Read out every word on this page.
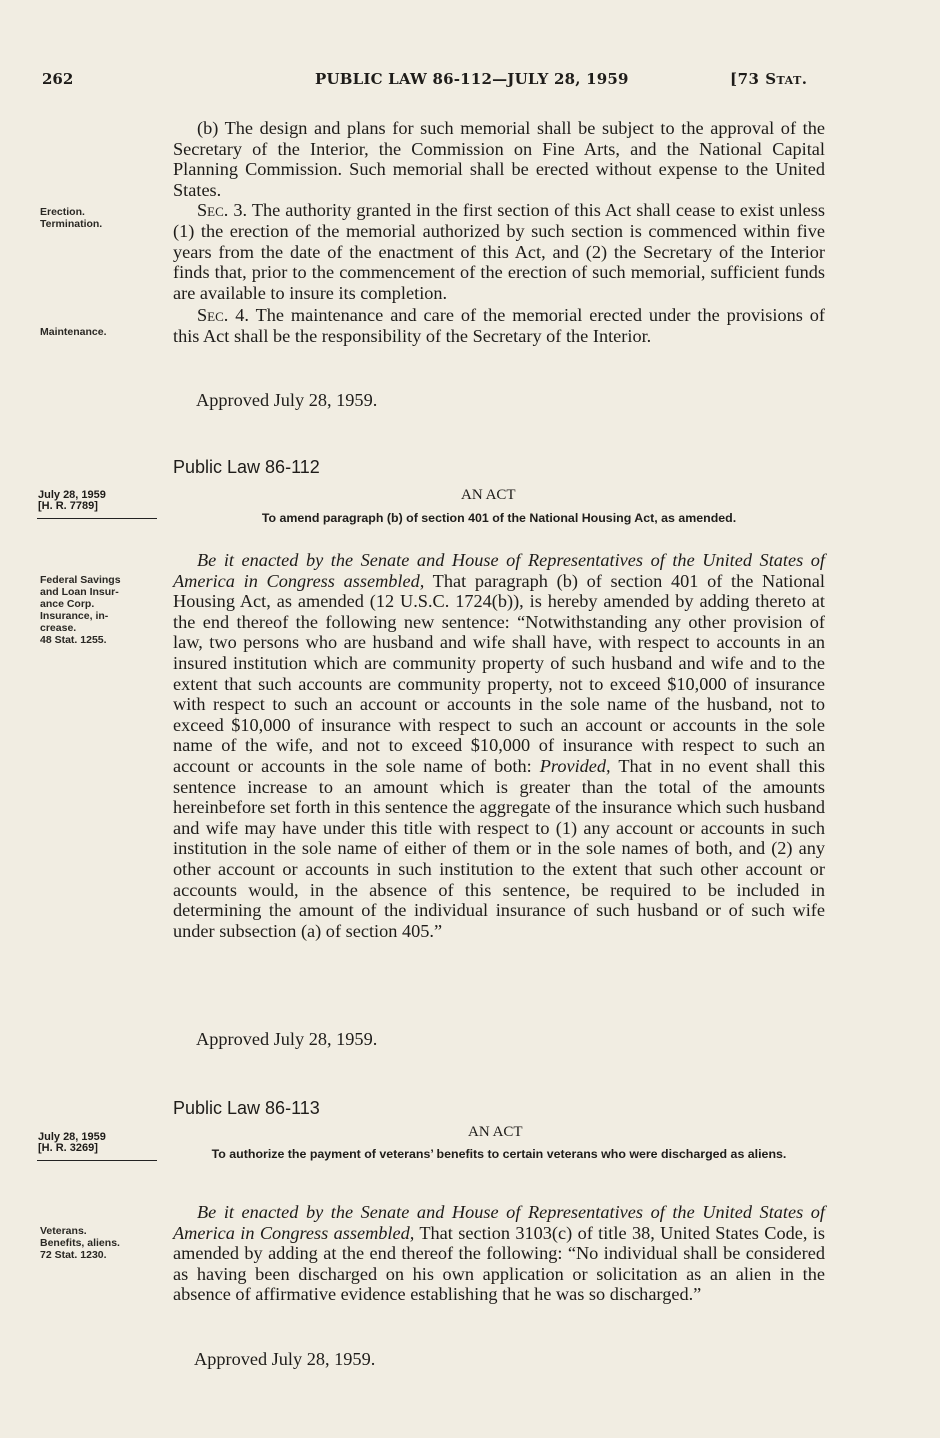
262	PUBLIC LAW 86-112—JULY 28, 1959	[73 Stat.

(b) The design and plans for such memorial shall be subject to the approval of the Secretary of the Interior, the Commission on Fine Arts, and the National Capital Planning Commission. Such memorial shall be erected without expense to the United States.

Sec. 3. The authority granted in the first section of this Act shall cease to exist unless (1) the erection of the memorial authorized by such section is commenced within five years from the date of the enactment of this Act, and (2) the Secretary of the Interior finds that, prior to the commencement of the erection of such memorial, sufficient funds are available to insure its completion.

Sec. 4. The maintenance and care of the memorial erected under the provisions of this Act shall be the responsibility of the Secretary of the Interior.

Approved July 28, 1959.
Erection.
Termination.
Maintenance.
Public Law 86-112
July 28, 1959
[H. R. 7789]
AN ACT
To amend paragraph (b) of section 401 of the National Housing Act, as amended.
Federal Savings
and Loan Insur-
ance Corp.
Insurance, in-
crease.
48 Stat. 1255.

Be it enacted by the Senate and House of Representatives of the United States of America in Congress assembled, That paragraph (b) of section 401 of the National Housing Act, as amended (12 U.S.C. 1724(b)), is hereby amended by adding thereto at the end thereof the following new sentence: “Notwithstanding any other provision of law, two persons who are husband and wife shall have, with respect to accounts in an insured institution which are community property of such husband and wife and to the extent that such accounts are community property, not to exceed $10,000 of insurance with respect to such an account or accounts in the sole name of the husband, not to exceed $10,000 of insurance with respect to such an account or accounts in the sole name of the wife, and not to exceed $10,000 of insurance with respect to such an account or accounts in the sole name of both: Provided, That in no event shall this sentence increase to an amount which is greater than the total of the amounts hereinbefore set forth in this sentence the aggregate of the insurance which such husband and wife may have under this title with respect to (1) any account or accounts in such institution in the sole name of either of them or in the sole names of both, and (2) any other account or accounts in such institution to the extent that such other account or accounts would, in the absence of this sentence, be required to be included in determining the amount of the individual insurance of such husband or of such wife under subsection (a) of section 405.”

Approved July 28, 1959.
Public Law 86-113
July 28, 1959
[H. R. 3269]
AN ACT
To authorize the payment of veterans’ benefits to certain veterans who were discharged as aliens.
Veterans.
Benefits, aliens.
72 Stat. 1230.

Be it enacted by the Senate and House of Representatives of the United States of America in Congress assembled, That section 3103(c) of title 38, United States Code, is amended by adding at the end thereof the following: “No individual shall be considered as having been discharged on his own application or solicitation as an alien in the absence of affirmative evidence establishing that he was so discharged.”

Approved July 28, 1959.
